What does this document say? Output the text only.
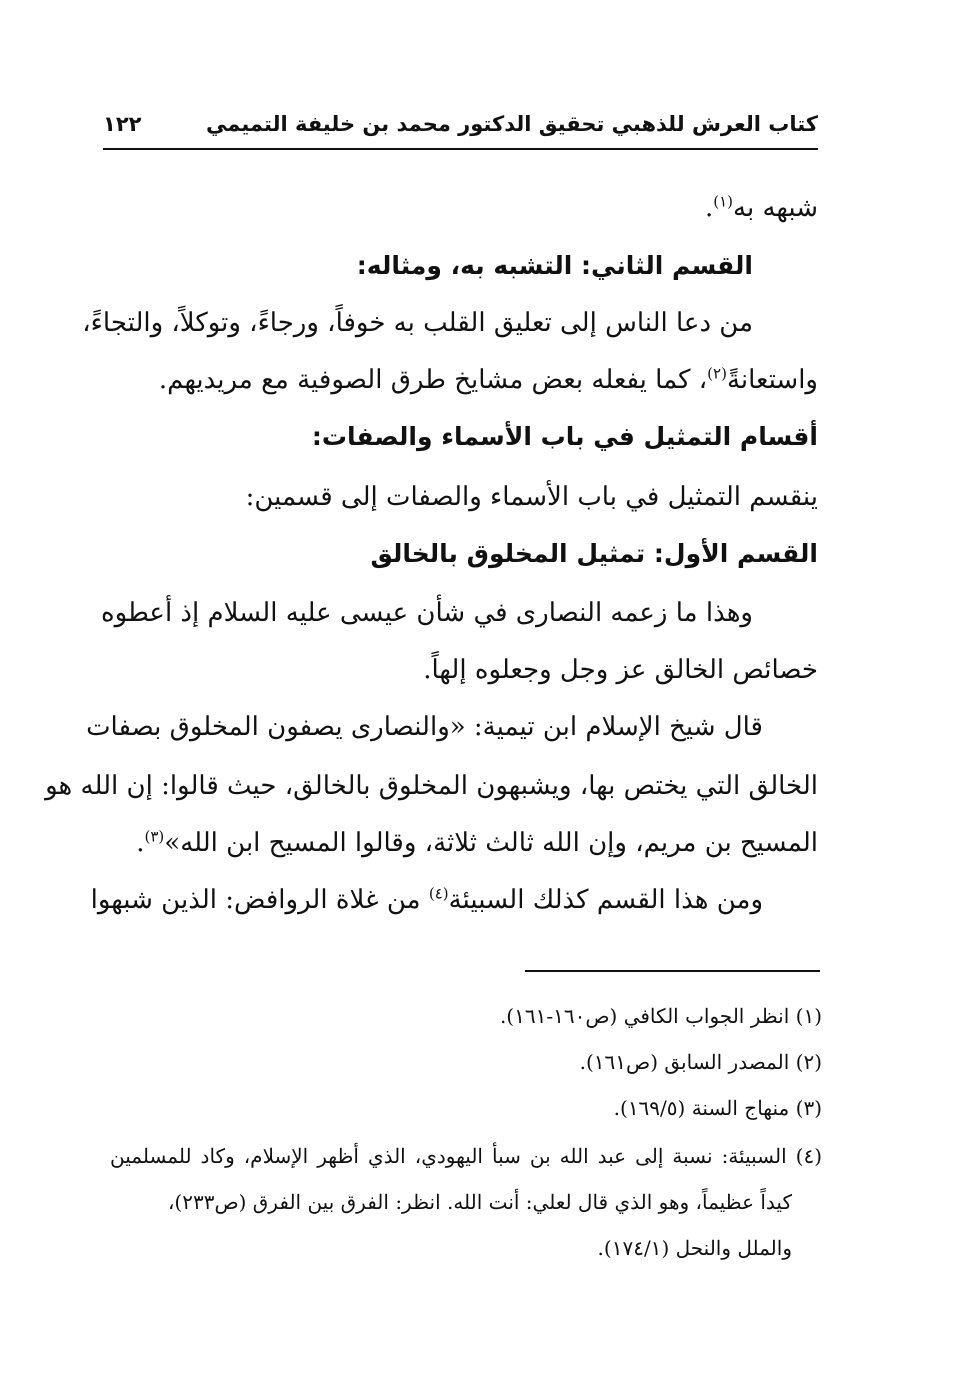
كتاب العرش للذهبي تحقيق الدكتور محمد بن خليفة التميمي
١٢٢
شبهه به$^{(١)}$.
القسم الثاني: التشبه به، ومثاله:
من دعا الناس إلى تعليق القلب به خوفاً، ورجاءً، وتوكلاً، والتجاءً،
واستعانةً$^{(٢)}$، كما يفعله بعض مشايخ طرق الصوفية مع مريديهم.
أقسام التمثيل في باب الأسماء والصفات:
ينقسم التمثيل في باب الأسماء والصفات إلى قسمين:
القسم الأول: تمثيل المخلوق بالخالق
وهذا ما زعمه النصارى في شأن عيسى عليه السلام إذ أعطوه
خصائص الخالق عز وجل وجعلوه إلهاً.
قال شيخ الإسلام ابن تيمية: «والنصارى يصفون المخلوق بصفات
الخالق التي يختص بها، ويشبهون المخلوق بالخالق، حيث قالوا: إن الله هو
المسيح بن مريم، وإن الله ثالث ثلاثة، وقالوا المسيح ابن الله»$^{(٣)}$.
ومن هذا القسم كذلك السبيئة$^{(٤)}$ من غلاة الروافض: الذين شبهوا
(١) انظر الجواب الكافي (ص١٦٠-١٦١).
(٢) المصدر السابق (ص١٦١).
(٣) منهاج السنة (١٦٩/٥).
(٤) السبيئة: نسبة إلى عبد الله بن سبأ اليهودي، الذي أظهر الإسلام، وكاد للمسلمين
كيداً عظيماً، وهو الذي قال لعلي: أنت الله. انظر: الفرق بين الفرق (ص٢٣٣)،
والملل والنحل (١٧٤/١).
